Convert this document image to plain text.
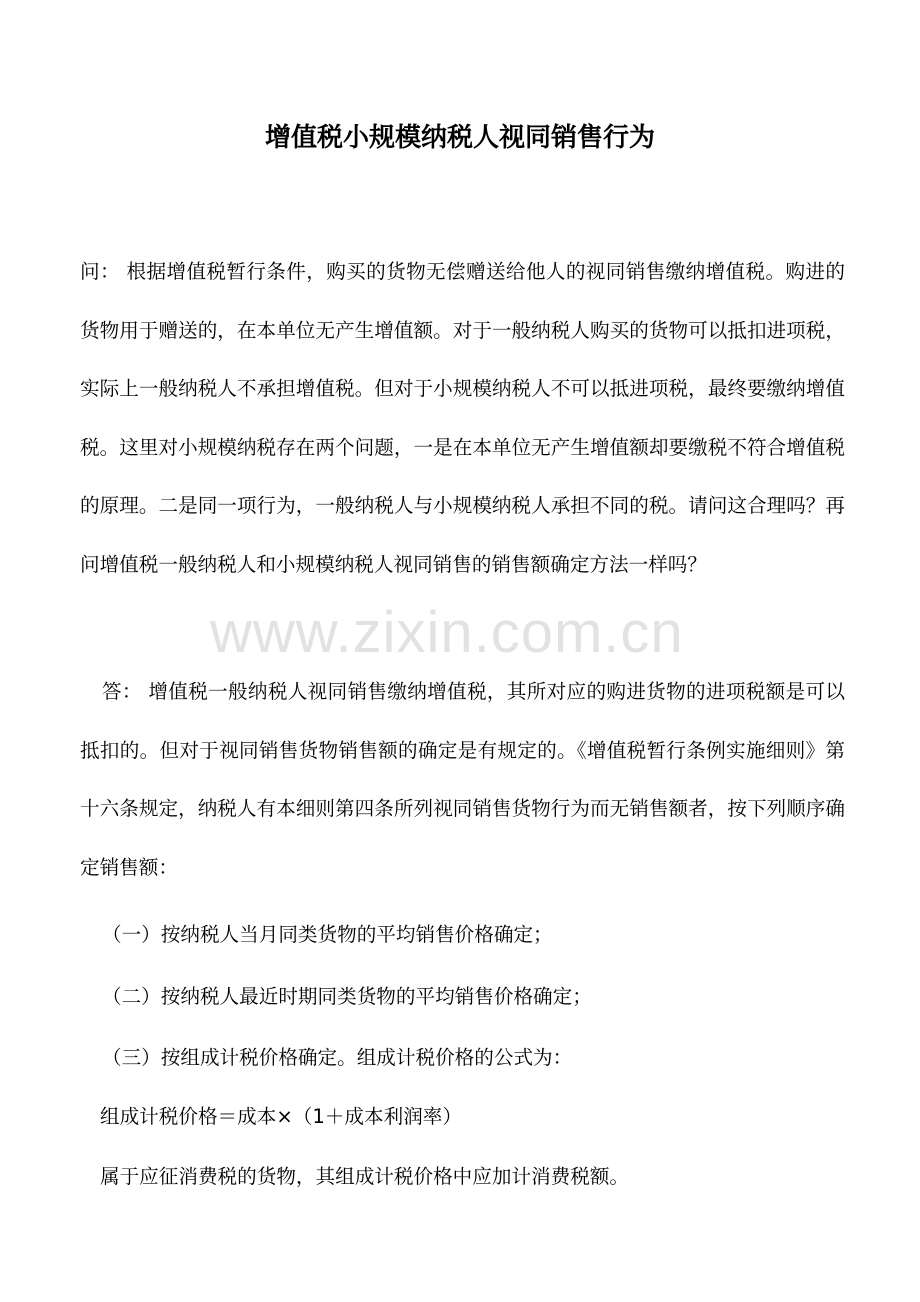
www.zixin.com.cn
增值税小规模纳税人视同销售行为

问： 根据增值税暂行条件，购买的货物无偿赠送给他人的视同销售缴纳增值税。购进的货物用于赠送的，在本单位无产生增值额。对于一般纳税人购买的货物可以抵扣进项税，实际上一般纳税人不承担增值税。但对于小规模纳税人不可以抵进项税，最终要缴纳增值税。这里对小规模纳税存在两个问题，一是在本单位无产生增值额却要缴税不符合增值税的原理。二是同一项行为，一般纳税人与小规模纳税人承担不同的税。请问这合理吗？再问增值税一般纳税人和小规模纳税人视同销售的销售额确定方法一样吗？

答： 增值税一般纳税人视同销售缴纳增值税，其所对应的购进货物的进项税额是可以抵扣的。但对于视同销售货物销售额的确定是有规定的。《增值税暂行条例实施细则》第十六条规定，纳税人有本细则第四条所列视同销售货物行为而无销售额者，按下列顺序确定销售额：

（一）按纳税人当月同类货物的平均销售价格确定；

（二）按纳税人最近时期同类货物的平均销售价格确定；

（三）按组成计税价格确定。组成计税价格的公式为：

组成计税价格＝成本×（1＋成本利润率）

属于应征消费税的货物，其组成计税价格中应加计消费税额。
